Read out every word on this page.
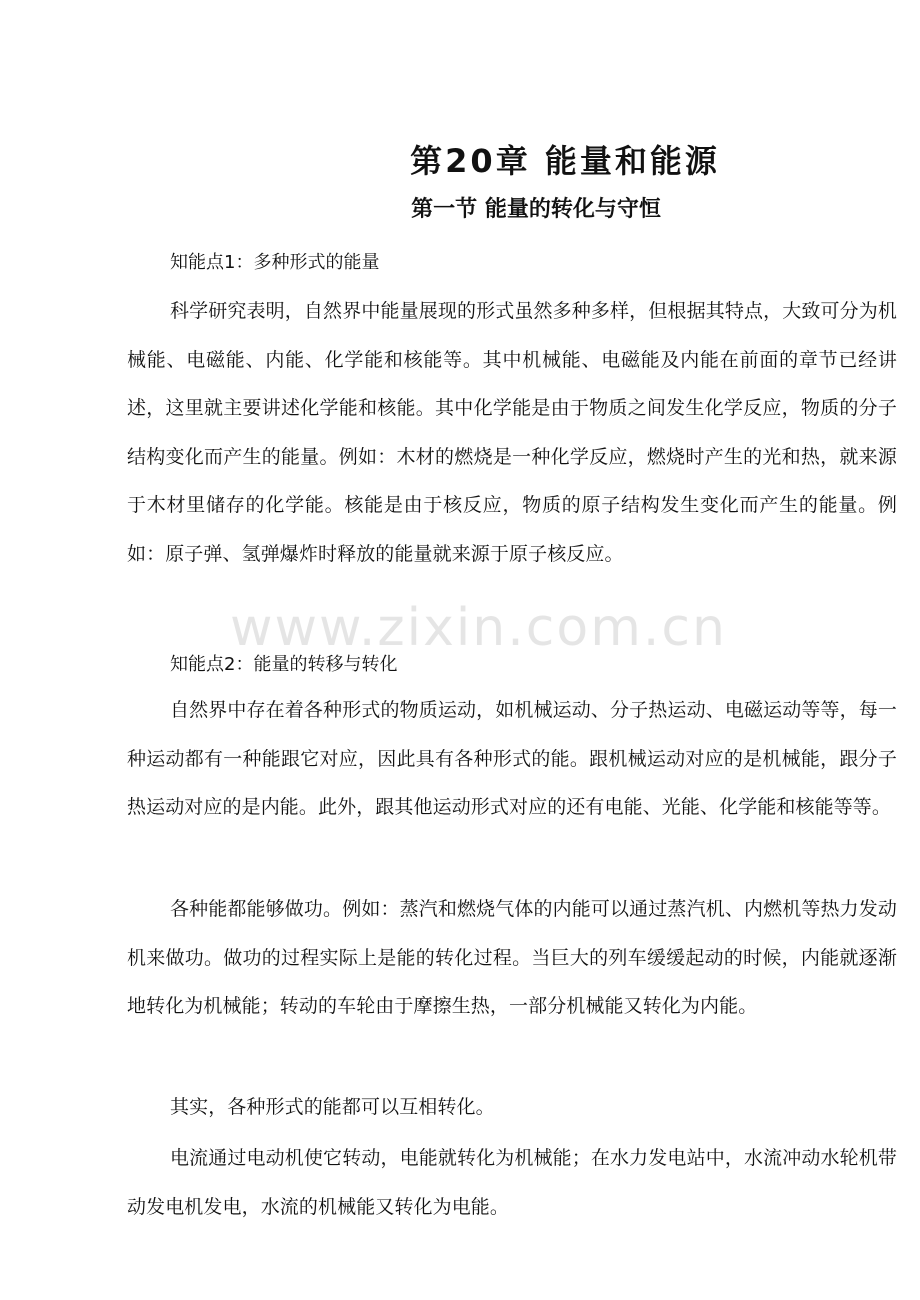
第20章 能量和能源
第一节 能量的转化与守恒

知能点1：多种形式的能量

科学研究表明，自然界中能量展现的形式虽然多种多样，但根据其特点，大致可分为机械能、电磁能、内能、化学能和核能等。其中机械能、电磁能及内能在前面的章节已经讲述，这里就主要讲述化学能和核能。其中化学能是由于物质之间发生化学反应，物质的分子结构变化而产生的能量。例如：木材的燃烧是一种化学反应，燃烧时产生的光和热，就来源于木材里储存的化学能。核能是由于核反应，物质的原子结构发生变化而产生的能量。例如：原子弹、氢弹爆炸时释放的能量就来源于原子核反应。

知能点2：能量的转移与转化

自然界中存在着各种形式的物质运动，如机械运动、分子热运动、电磁运动等等，每一种运动都有一种能跟它对应，因此具有各种形式的能。跟机械运动对应的是机械能，跟分子热运动对应的是内能。此外，跟其他运动形式对应的还有电能、光能、化学能和核能等等。

各种能都能够做功。例如：蒸汽和燃烧气体的内能可以通过蒸汽机、内燃机等热力发动机来做功。做功的过程实际上是能的转化过程。当巨大的列车缓缓起动的时候，内能就逐渐地转化为机械能；转动的车轮由于摩擦生热，一部分机械能又转化为内能。

其实，各种形式的能都可以互相转化。

电流通过电动机使它转动，电能就转化为机械能；在水力发电站中，水流冲动水轮机带动发电机发电，水流的机械能又转化为电能。

www.zixin.com.cn
